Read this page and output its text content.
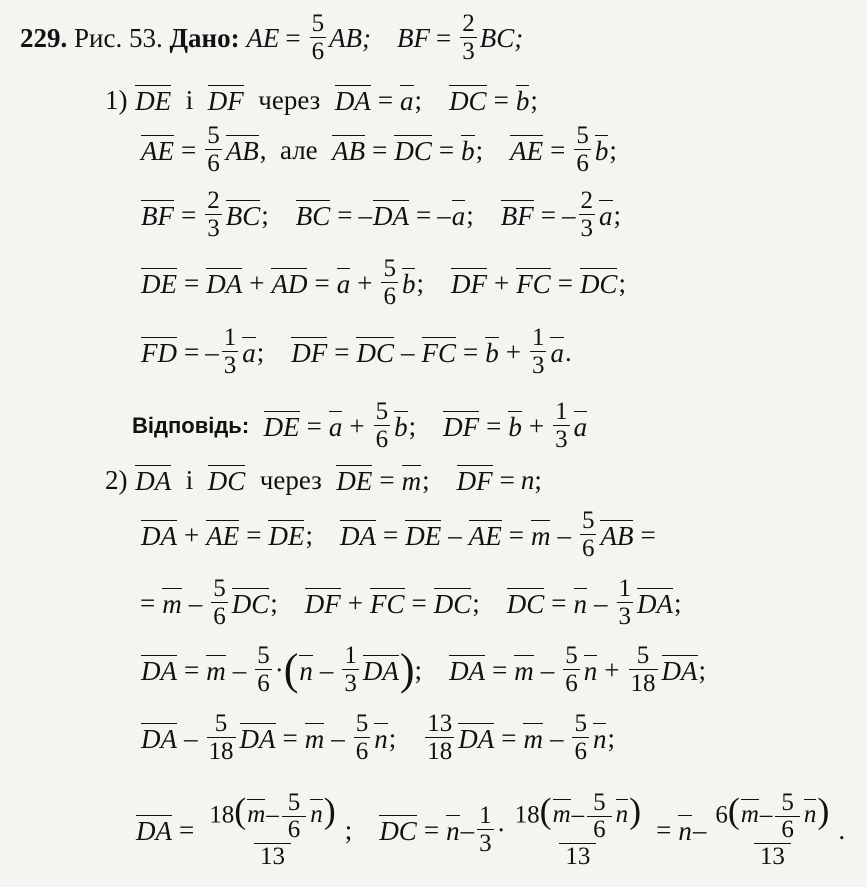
229.
Рис. 53.
Дано:
AE = $\frac{5}{6}$ AB; BF = $\frac{2}{3}$ BC;
1)
DE
і
DF
через
DA = a ; DC = b ;
AE = $\frac{5}{6}$ AB , але
AB = DC = b ; AE = $\frac{5}{6}$ b ;
BF = $\frac{2}{3}$ BC ; BC = – DA = – a ; BF = – $\frac{2}{3}$ a ;
DE = DA + AD = $a + \frac{5}{6}$ b ; DF + FC = DC ;
FD = – $\frac{1}{3}$ a ; DF = DC – FC = $b + \frac{1}{3}$ a .
Відповідь:
DE = $a + \frac{5}{6}$ b ; DF = $b + \frac{1}{3}$ a
2)
DA
і
DC
через
DE = m ; DF = n ;
DA + AE = DE ; DA = DE – AE = m – $\frac{5}{6}$ AB =
= m – $\frac{5}{6}$ DC ; DF + FC = DC ; DC = n – $\frac{1}{3}$ DA ;
DA = m – $\frac{5}{6}$ · ( n – $\frac{1}{3}$ DA ) ; DA = m – $\frac{5}{6}$ $n + \frac{5}{18}$ DA ;
DA – $\frac{5}{18}$ DA = m – $\frac{5}{6}$ n ; $\frac{13}{18}$ DA = m – $\frac{5}{6}$ n ;
DA = $\frac{18(m- \frac{5}{6} n)}{13}$ ; DC = $n - \frac{1}{3} \cdot \frac{18(m- \frac{5}{6} n)}{13} = n - \frac{6(m- \frac{5}{6} n)}{13}$ .
